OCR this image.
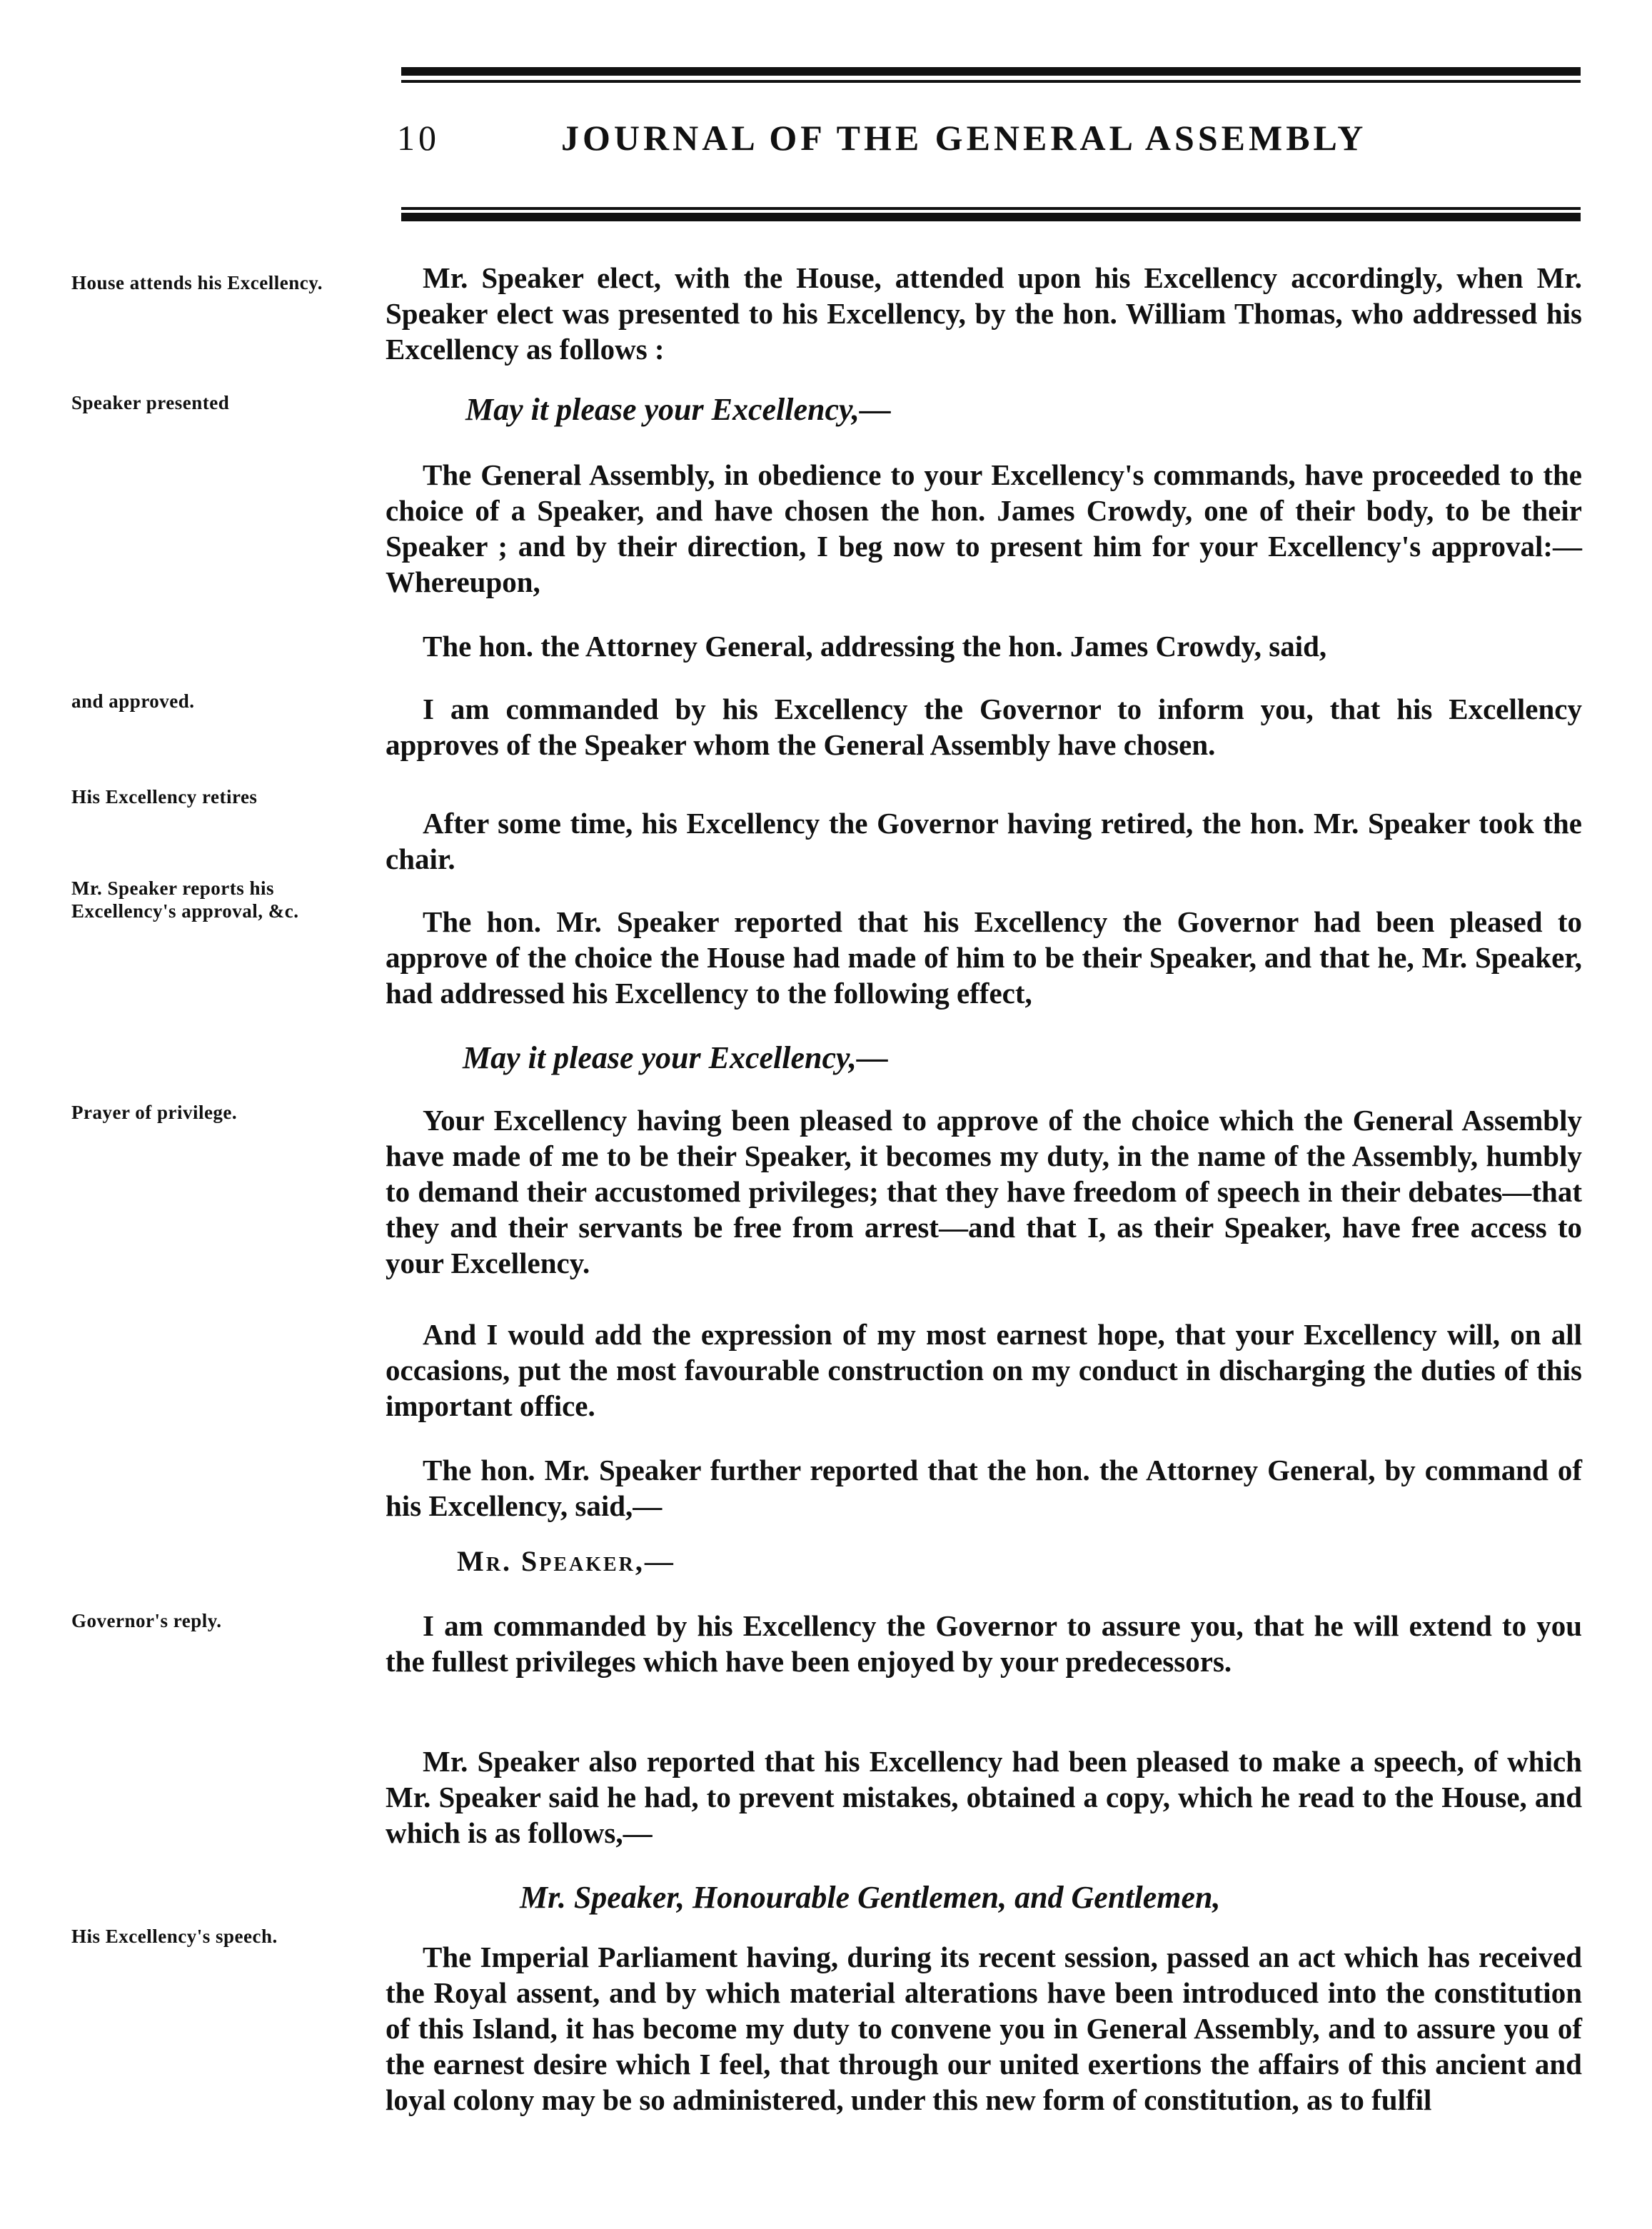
10	JOURNAL OF THE GENERAL ASSEMBLY
House attends his Excellency.
Speaker presented
and approved.
His Excellency retires
Mr. Speaker reports his Excellency's approval, &c.
Prayer of privilege.
Governor's reply.
His Excellency's speech.
Mr. Speaker elect, with the House, attended upon his Excellency accordingly, when Mr. Speaker elect was presented to his Excellency, by the hon. William Thomas, who addressed his Excellency as follows :
May it please your Excellency,—
The General Assembly, in obedience to your Excellency's commands, have proceeded to the choice of a Speaker, and have chosen the hon. James Crowdy, one of their body, to be their Speaker ; and by their direction, I beg now to present him for your Excellency's approval:—Whereupon,
The hon. the Attorney General, addressing the hon. James Crowdy, said,
I am commanded by his Excellency the Governor to inform you, that his Excellency approves of the Speaker whom the General Assembly have chosen.
After some time, his Excellency the Governor having retired, the hon. Mr. Speaker took the chair.
The hon. Mr. Speaker reported that his Excellency the Governor had been pleased to approve of the choice the House had made of him to be their Speaker, and that he, Mr. Speaker, had addressed his Excellency to the following effect,
May it please your Excellency,—
Your Excellency having been pleased to approve of the choice which the General Assembly have made of me to be their Speaker, it becomes my duty, in the name of the Assembly, humbly to demand their accustomed privileges; that they have freedom of speech in their debates—that they and their servants be free from arrest—and that I, as their Speaker, have free access to your Excellency.
And I would add the expression of my most earnest hope, that your Excellency will, on all occasions, put the most favourable construction on my conduct in discharging the duties of this important office.
The hon. Mr. Speaker further reported that the hon. the Attorney General, by command of his Excellency, said,—
Mr. Speaker,—
I am commanded by his Excellency the Governor to assure you, that he will extend to you the fullest privileges which have been enjoyed by your predecessors.
Mr. Speaker also reported that his Excellency had been pleased to make a speech, of which Mr. Speaker said he had, to prevent mistakes, obtained a copy, which he read to the House, and which is as follows,—
Mr. Speaker, Honourable Gentlemen, and Gentlemen,
The Imperial Parliament having, during its recent session, passed an act which has received the Royal assent, and by which material alterations have been introduced into the constitution of this Island, it has become my duty to convene you in General Assembly, and to assure you of the earnest desire which I feel, that through our united exertions the affairs of this ancient and loyal colony may be so administered, under this new form of constitution, as to fulfil
